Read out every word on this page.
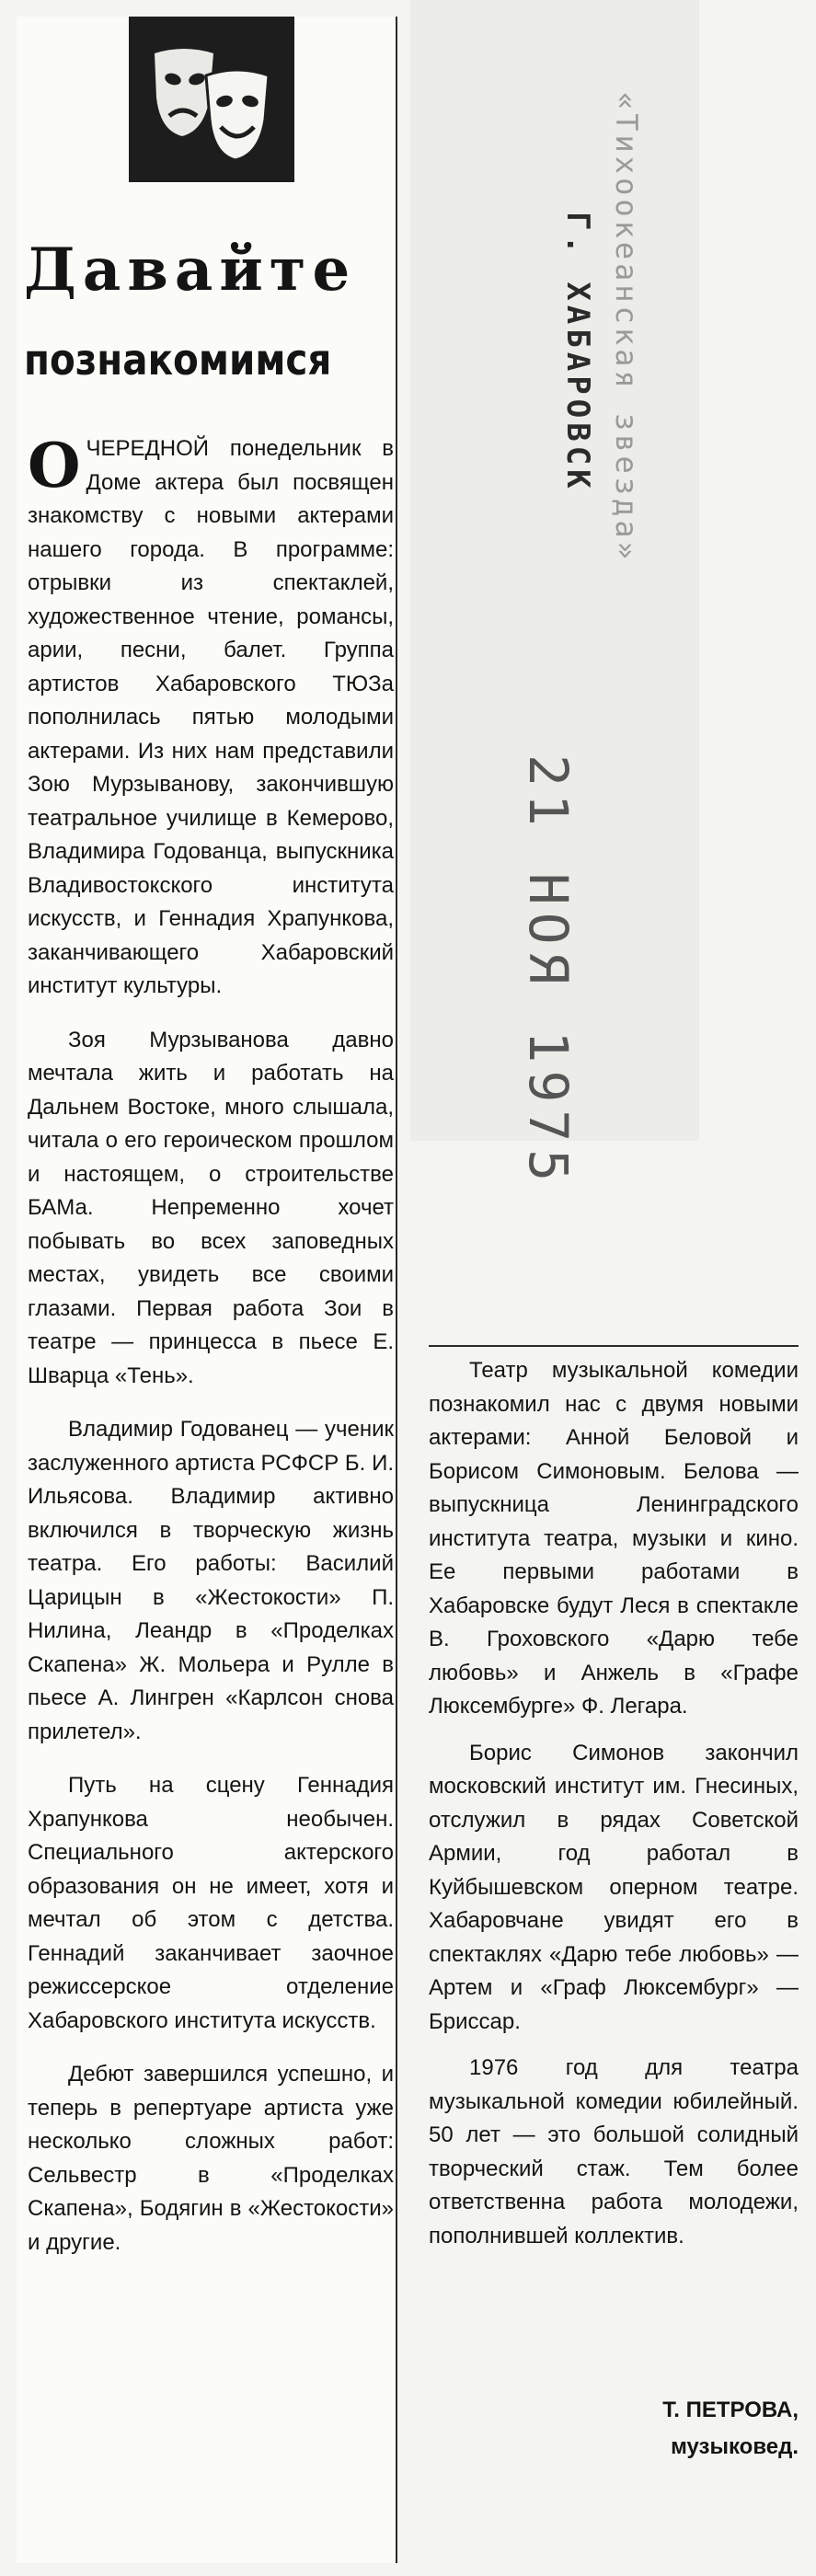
Давайте
познакомимся

ОЧЕРЕДНОЙ понедельник в Доме актера был посвящен знакомству с новыми актерами нашего города. В программе: отрывки из спектаклей, художественное чтение, романсы, арии, песни, балет. Группа артистов Хабаровского ТЮЗа пополнилась пятью молодыми актерами. Из них нам представили Зою Мурзыванову, закончившую театральное училище в Кемерово, Владимира Годованца, выпускника Владивостокского института искусств, и Геннадия Храпункова, заканчивающего Хабаровский институт культуры.

Зоя Мурзыванова давно мечтала жить и работать на Дальнем Востоке, много слышала, читала о его героическом прошлом и настоящем, о строительстве БАМа. Непременно хочет побывать во всех заповедных местах, увидеть все своими глазами. Первая работа Зои в театре — принцесса в пьесе Е. Шварца «Тень».

Владимир Годованец — ученик заслуженного артиста РСФСР Б. И. Ильясова. Владимир активно включился в творческую жизнь театра. Его работы: Василий Царицын в «Жестокости» П. Нилина, Леандр в «Проделках Скапена» Ж. Мольера и Рулле в пьесе А. Лингрен «Карлсон снова прилетел».

Путь на сцену Геннадия Храпункова необычен. Специального актерского образования он не имеет, хотя и мечтал об этом с детства. Геннадий заканчивает заочное режиссерское отделение Хабаровского института искусств.

Дебют завершился успешно, и теперь в репертуаре артиста уже несколько сложных работ: Сельвестр в «Проделках Скапена», Бодягин в «Жестокости» и другие.

Театр музыкальной комедии познакомил нас с двумя новыми актерами: Анной Беловой и Борисом Симоновым. Белова — выпускница Ленинградского института театра, музыки и кино. Ее первыми работами в Хабаровске будут Леся в спектакле В. Гроховского «Дарю тебе любовь» и Анжель в «Графе Люксембурге» Ф. Легара.

Борис Симонов закончил московский институт им. Гнесиных, отслужил в рядах Советской Армии, год работал в Куйбышевском оперном театре. Хабаровчане увидят его в спектаклях «Дарю тебе любовь» — Артем и «Граф Люксембург» — Бриссар.

1976 год для театра музыкальной комедии юбилейный. 50 лет — это большой солидный творческий стаж. Тем более ответственна работа молодежи, пополнившей коллектив.

Т. ПЕТРОВА,
музыковед.
«Тихоокеанская звезда»
Г. ХАБАРОВСК
21 НОЯ 1975
